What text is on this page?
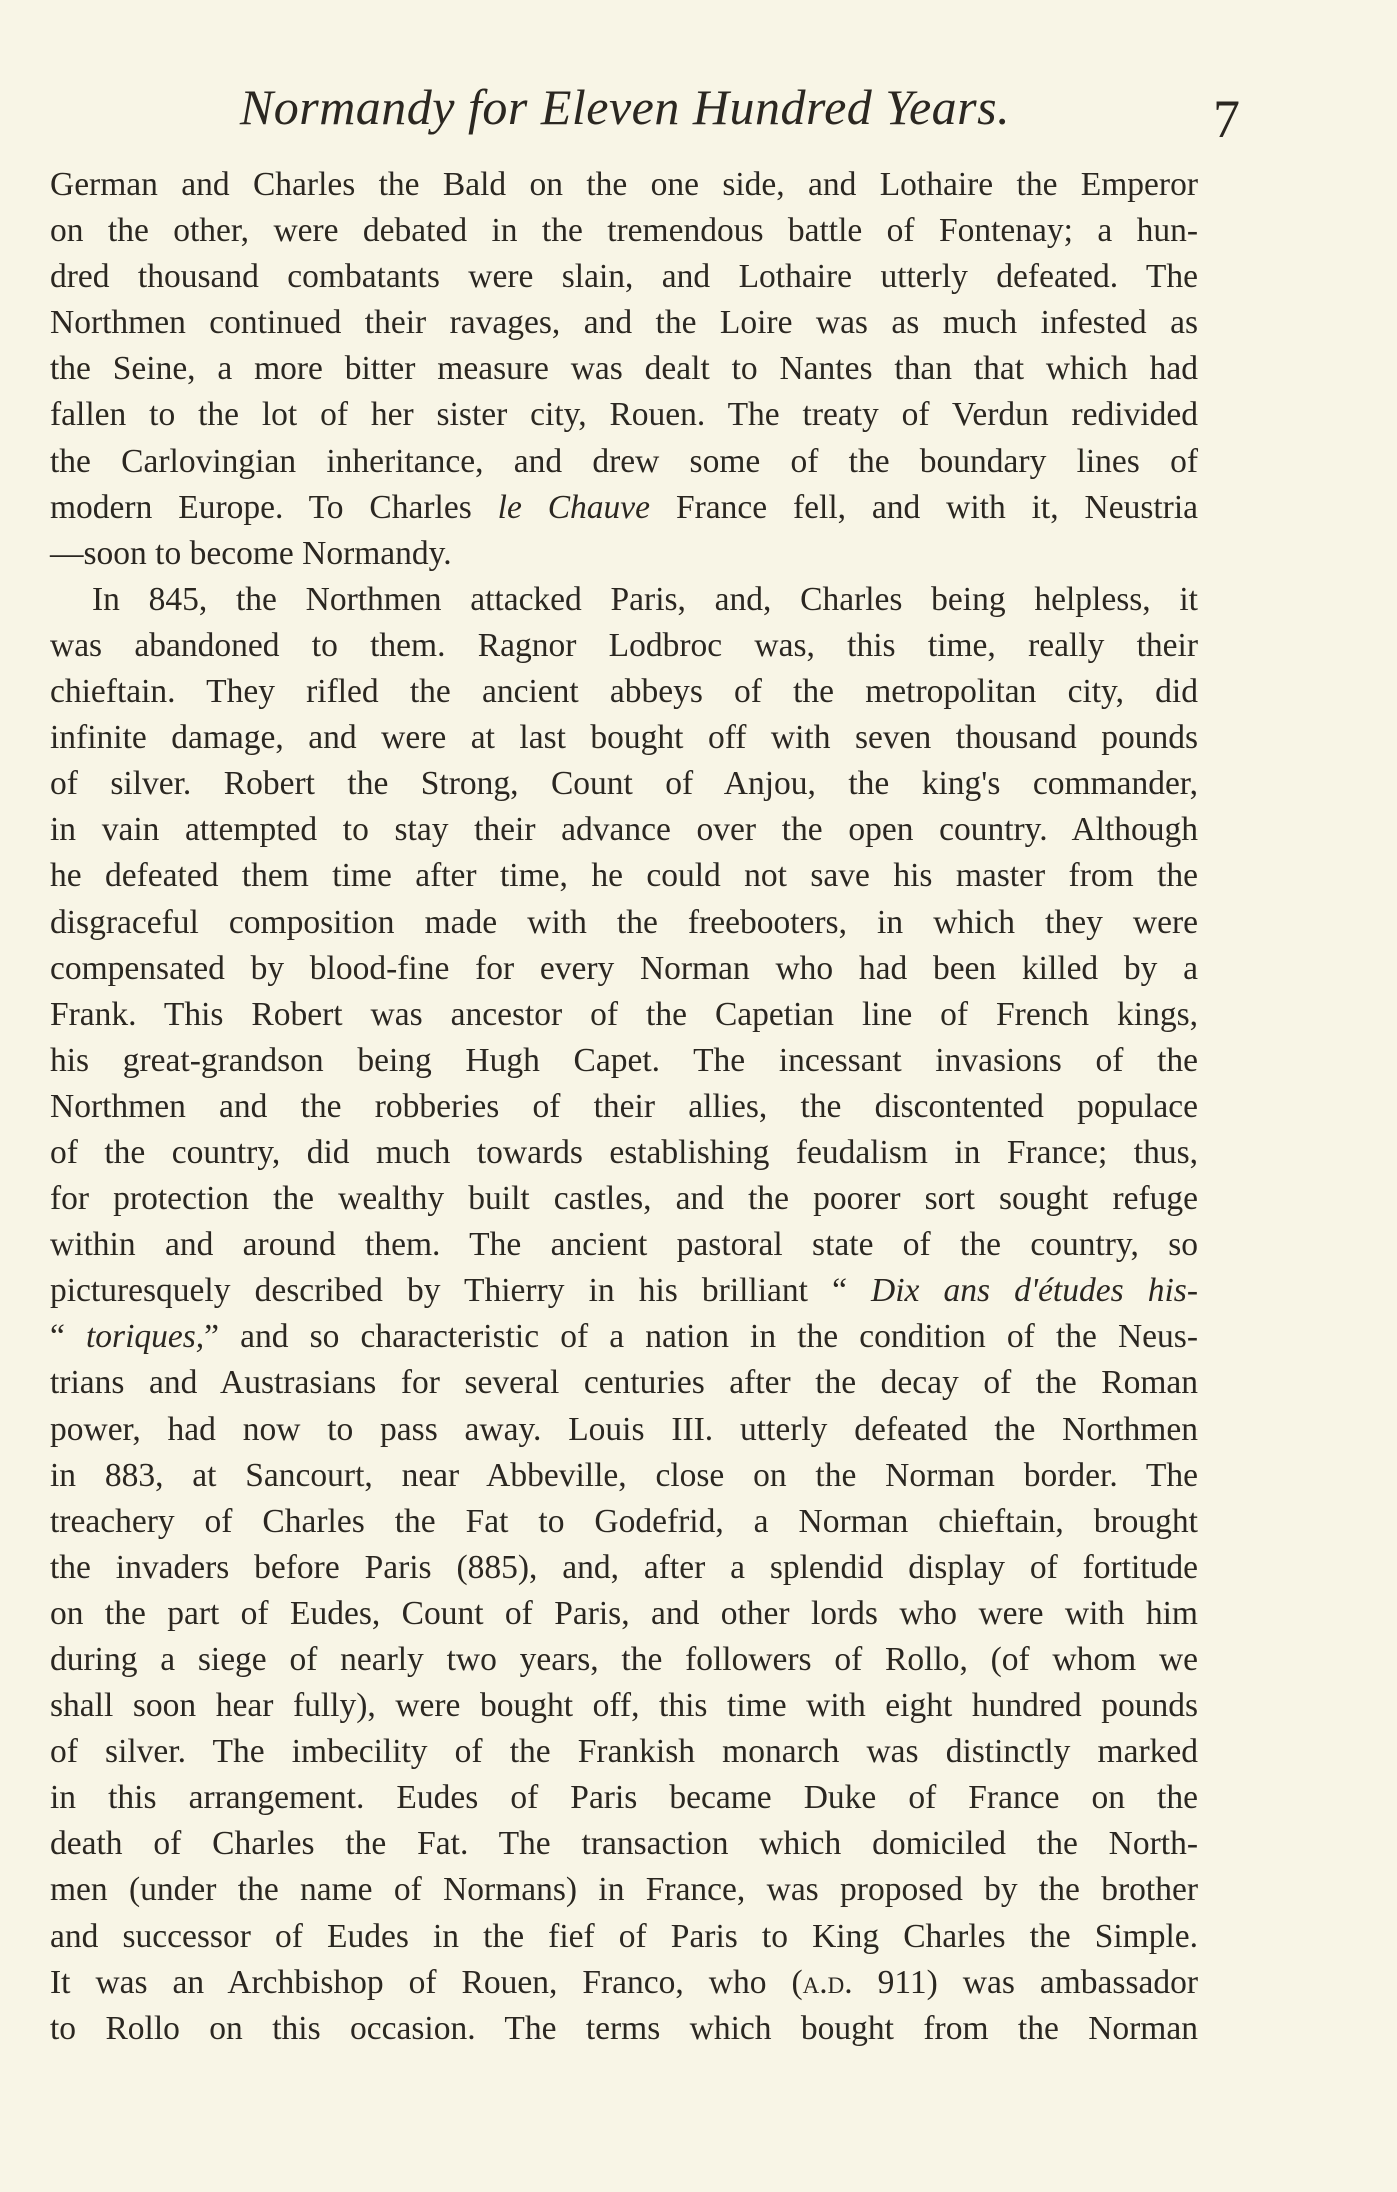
Normandy for Eleven Hundred Years.	7
German and Charles the Bald on the one side, and Lothaire the Emperor
on the other, were debated in the tremendous battle of Fontenay; a hun-
dred thousand combatants were slain, and Lothaire utterly defeated. The
Northmen continued their ravages, and the Loire was as much infested as
the Seine, a more bitter measure was dealt to Nantes than that which had
fallen to the lot of her sister city, Rouen. The treaty of Verdun redivided
the Carlovingian inheritance, and drew some of the boundary lines of
modern Europe. To Charles le Chauve France fell, and with it, Neustria
—soon to become Normandy.
In 845, the Northmen attacked Paris, and, Charles being helpless, it
was abandoned to them. Ragnor Lodbroc was, this time, really their
chieftain. They rifled the ancient abbeys of the metropolitan city, did
infinite damage, and were at last bought off with seven thousand pounds
of silver. Robert the Strong, Count of Anjou, the king's commander,
in vain attempted to stay their advance over the open country. Although
he defeated them time after time, he could not save his master from the
disgraceful composition made with the freebooters, in which they were
compensated by blood-fine for every Norman who had been killed by a
Frank. This Robert was ancestor of the Capetian line of French kings,
his great-grandson being Hugh Capet. The incessant invasions of the
Northmen and the robberies of their allies, the discontented populace
of the country, did much towards establishing feudalism in France; thus,
for protection the wealthy built castles, and the poorer sort sought refuge
within and around them. The ancient pastoral state of the country, so
picturesquely described by Thierry in his brilliant “ Dix ans d'études his-
“ toriques,” and so characteristic of a nation in the condition of the Neus-
trians and Austrasians for several centuries after the decay of the Roman
power, had now to pass away. Louis III. utterly defeated the Northmen
in 883, at Sancourt, near Abbeville, close on the Norman border. The
treachery of Charles the Fat to Godefrid, a Norman chieftain, brought
the invaders before Paris (885), and, after a splendid display of fortitude
on the part of Eudes, Count of Paris, and other lords who were with him
during a siege of nearly two years, the followers of Rollo, (of whom we
shall soon hear fully), were bought off, this time with eight hundred pounds
of silver. The imbecility of the Frankish monarch was distinctly marked
in this arrangement. Eudes of Paris became Duke of France on the
death of Charles the Fat. The transaction which domiciled the North-
men (under the name of Normans) in France, was proposed by the brother
and successor of Eudes in the fief of Paris to King Charles the Simple.
It was an Archbishop of Rouen, Franco, who (a.d. 911) was ambassador
to Rollo on this occasion. The terms which bought from the Norman
